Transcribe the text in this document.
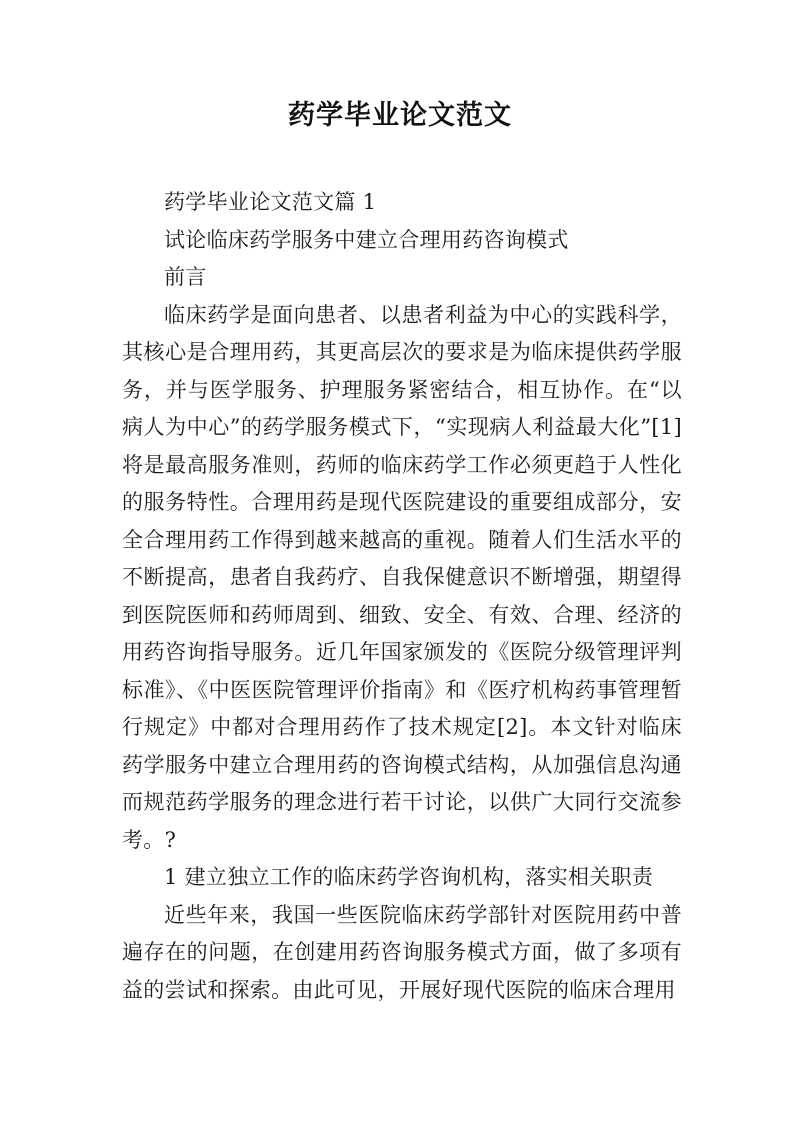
药学毕业论文范文
药学毕业论文范文篇 1
试论临床药学服务中建立合理用药咨询模式
前言

临床药学是面向患者、以患者利益为中心的实践科学，其核心是合理用药，其更高层次的要求是为临床提供药学服务，并与医学服务、护理服务紧密结合，相互协作。在“以病人为中心”的药学服务模式下，“实现病人利益最大化”[1]将是最高服务准则，药师的临床药学工作必须更趋于人性化的服务特性。合理用药是现代医院建设的重要组成部分，安全合理用药工作得到越来越高的重视。随着人们生活水平的不断提高，患者自我药疗、自我保健意识不断增强，期望得到医院医师和药师周到、细致、安全、有效、合理、经济的用药咨询指导服务。近几年国家颁发的《医院分级管理评判标准》、《中医医院管理评价指南》和《医疗机构药事管理暂行规定》中都对合理用药作了技术规定[2]。本文针对临床药学服务中建立合理用药的咨询模式结构，从加强信息沟通而规范药学服务的理念进行若干讨论，以供广大同行交流参考。?

1 建立独立工作的临床药学咨询机构，落实相关职责

近些年来，我国一些医院临床药学部针对医院用药中普遍存在的问题，在创建用药咨询服务模式方面，做了多项有益的尝试和探索。由此可见，开展好现代医院的临床合理用
